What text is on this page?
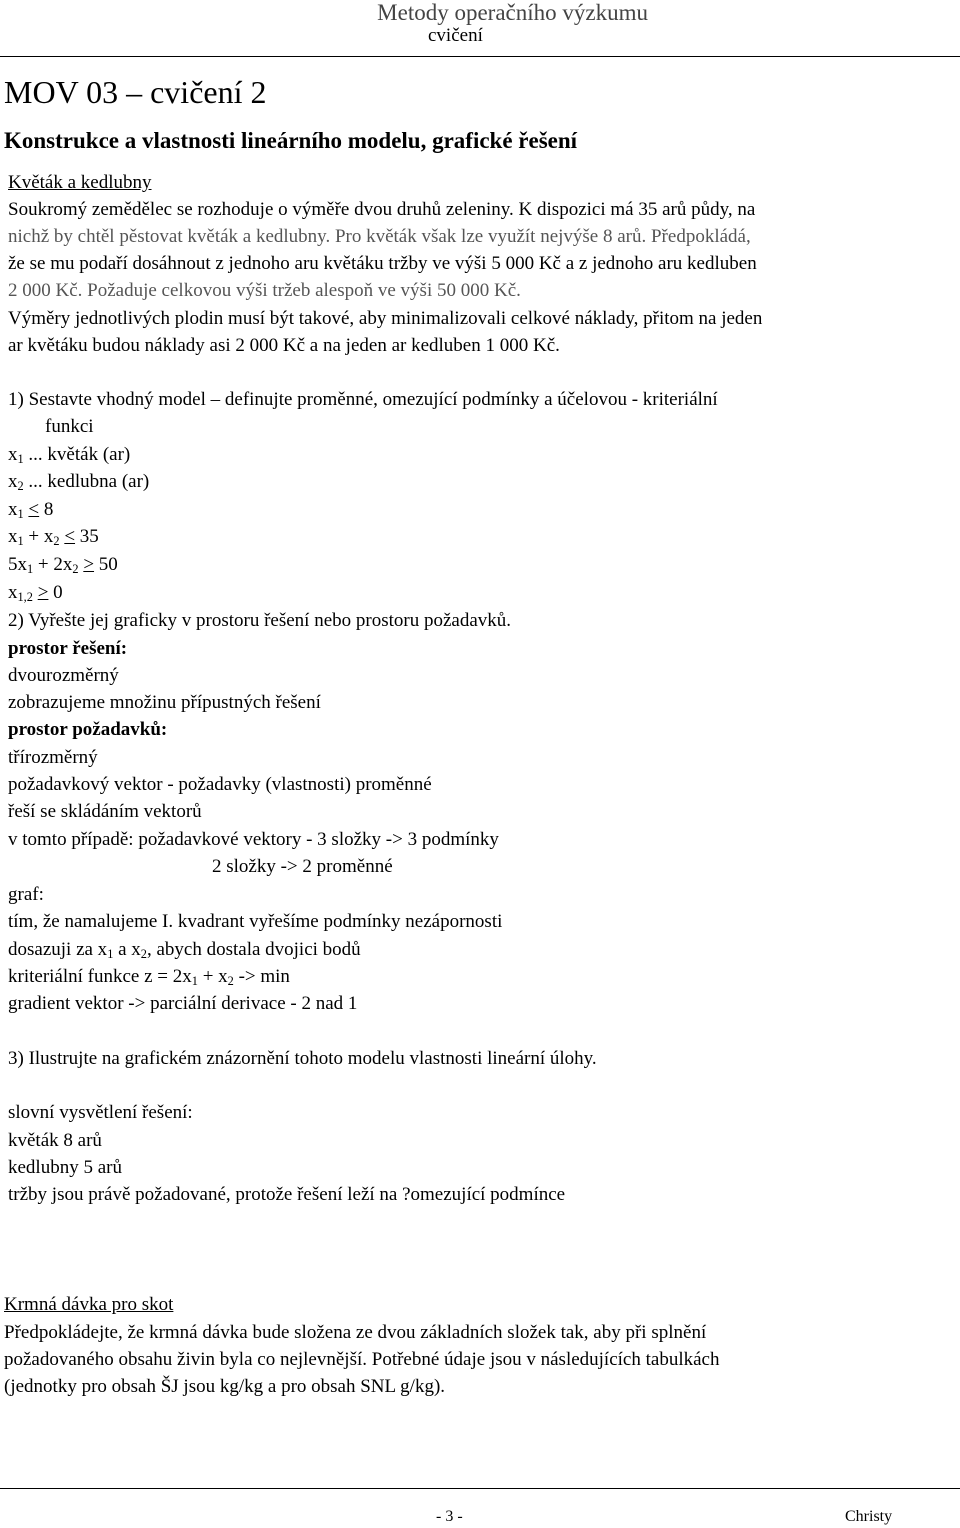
Metody operačního výzkumu
cvičení
MOV 03 – cvičení 2
Konstrukce a vlastnosti lineárního modelu, grafické řešení
Květák a kedlubny
Soukromý zemědělec se rozhoduje o výměře dvou druhů zeleniny. K dispozici má 35 arů půdy, na
nichž by chtěl pěstovat květák a kedlubny. Pro květák však lze využít nejvýše 8 arů. Předpokládá,
že se mu podaří dosáhnout z jednoho aru květáku tržby ve výši 5 000 Kč a z jednoho aru kedluben
2 000 Kč. Požaduje celkovou výši tržeb alespoň ve výši 50 000 Kč.
Výměry jednotlivých plodin musí být takové, aby minimalizovali celkové náklady, přitom na jeden
ar květáku budou náklady asi 2 000 Kč a na jeden ar kedluben 1 000 Kč.
1) Sestavte vhodný model – definujte proměnné, omezující podmínky a účelovou - kriteriální
funkci
$x_1$ ... květák (ar)
$x_2$ ... kedlubna (ar)
$x_1 < 8$
$x_1 + x_2 < 35$
$5x_1 + 2x_2 > 50$
$x_{1,2} > 0$
2) Vyřešte jej graficky v prostoru řešení nebo prostoru požadavků.
prostor řešení:
dvourozměrný
zobrazujeme množinu přípustných řešení
prostor požadavků:
třírozměrný
požadavkový vektor - požadavky (vlastnosti) proměnné
řeší se skládáním vektorů
v tomto případě: požadavkové vektory - 3 složky -> 3 podmínky
2 složky -> 2 proměnné
graf:
tím, že namalujeme I. kvadrant vyřešíme podmínky nezápornosti
dosazuji za $x_1$ a $x_2$, abych dostala dvojici bodů
kriteriální funkce $z = 2x_1 + x_2 -> \min$
gradient vektor -> parciální derivace - 2 nad 1
3) Ilustrujte na grafickém znázornění tohoto modelu vlastnosti lineární úlohy.
slovní vysvětlení řešení:
květák 8 arů
kedlubny 5 arů
tržby jsou právě požadované, protože řešení leží na ?omezující podmínce
Krmná dávka pro skot
Předpokládejte, že krmná dávka bude složena ze dvou základních složek tak, aby při splnění
požadovaného obsahu živin byla co nejlevnější. Potřebné údaje jsou v následujících tabulkách
(jednotky pro obsah ŠJ jsou kg/kg a pro obsah SNL g/kg).
- 3 -	Christy
